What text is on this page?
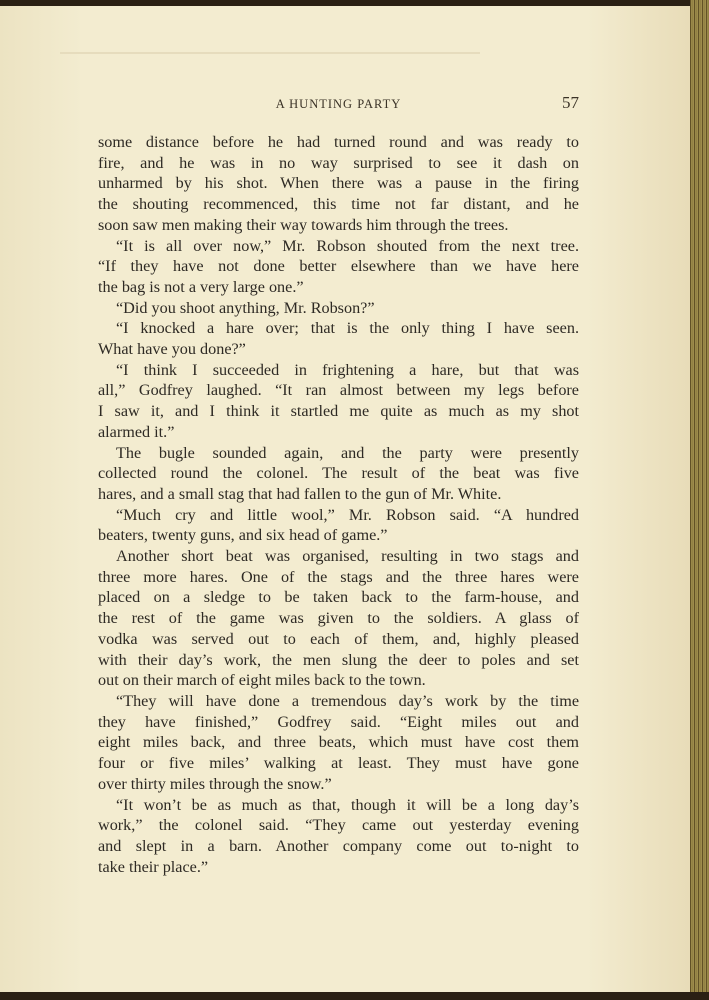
A HUNTING PARTY	57
some distance before he had turned round and was ready to
fire, and he was in no way surprised to see it dash on
unharmed by his shot. When there was a pause in the firing
the shouting recommenced, this time not far distant, and he
soon saw men making their way towards him through the trees.
“It is all over now,” Mr. Robson shouted from the next tree.
“If they have not done better elsewhere than we have here
the bag is not a very large one.”
“Did you shoot anything, Mr. Robson?”
“I knocked a hare over; that is the only thing I have seen.
What have you done?”
“I think I succeeded in frightening a hare, but that was
all,” Godfrey laughed. “It ran almost between my legs before
I saw it, and I think it startled me quite as much as my shot
alarmed it.”
The bugle sounded again, and the party were presently
collected round the colonel. The result of the beat was five
hares, and a small stag that had fallen to the gun of Mr. White.
“Much cry and little wool,” Mr. Robson said. “A hundred
beaters, twenty guns, and six head of game.”
Another short beat was organised, resulting in two stags and
three more hares. One of the stags and the three hares were
placed on a sledge to be taken back to the farm-house, and
the rest of the game was given to the soldiers. A glass of
vodka was served out to each of them, and, highly pleased
with their day’s work, the men slung the deer to poles and set
out on their march of eight miles back to the town.
“They will have done a tremendous day’s work by the time
they have finished,” Godfrey said. “Eight miles out and
eight miles back, and three beats, which must have cost them
four or five miles’ walking at least. They must have gone
over thirty miles through the snow.”
“It won’t be as much as that, though it will be a long day’s
work,” the colonel said. “They came out yesterday evening
and slept in a barn. Another company come out to-night to
take their place.”
